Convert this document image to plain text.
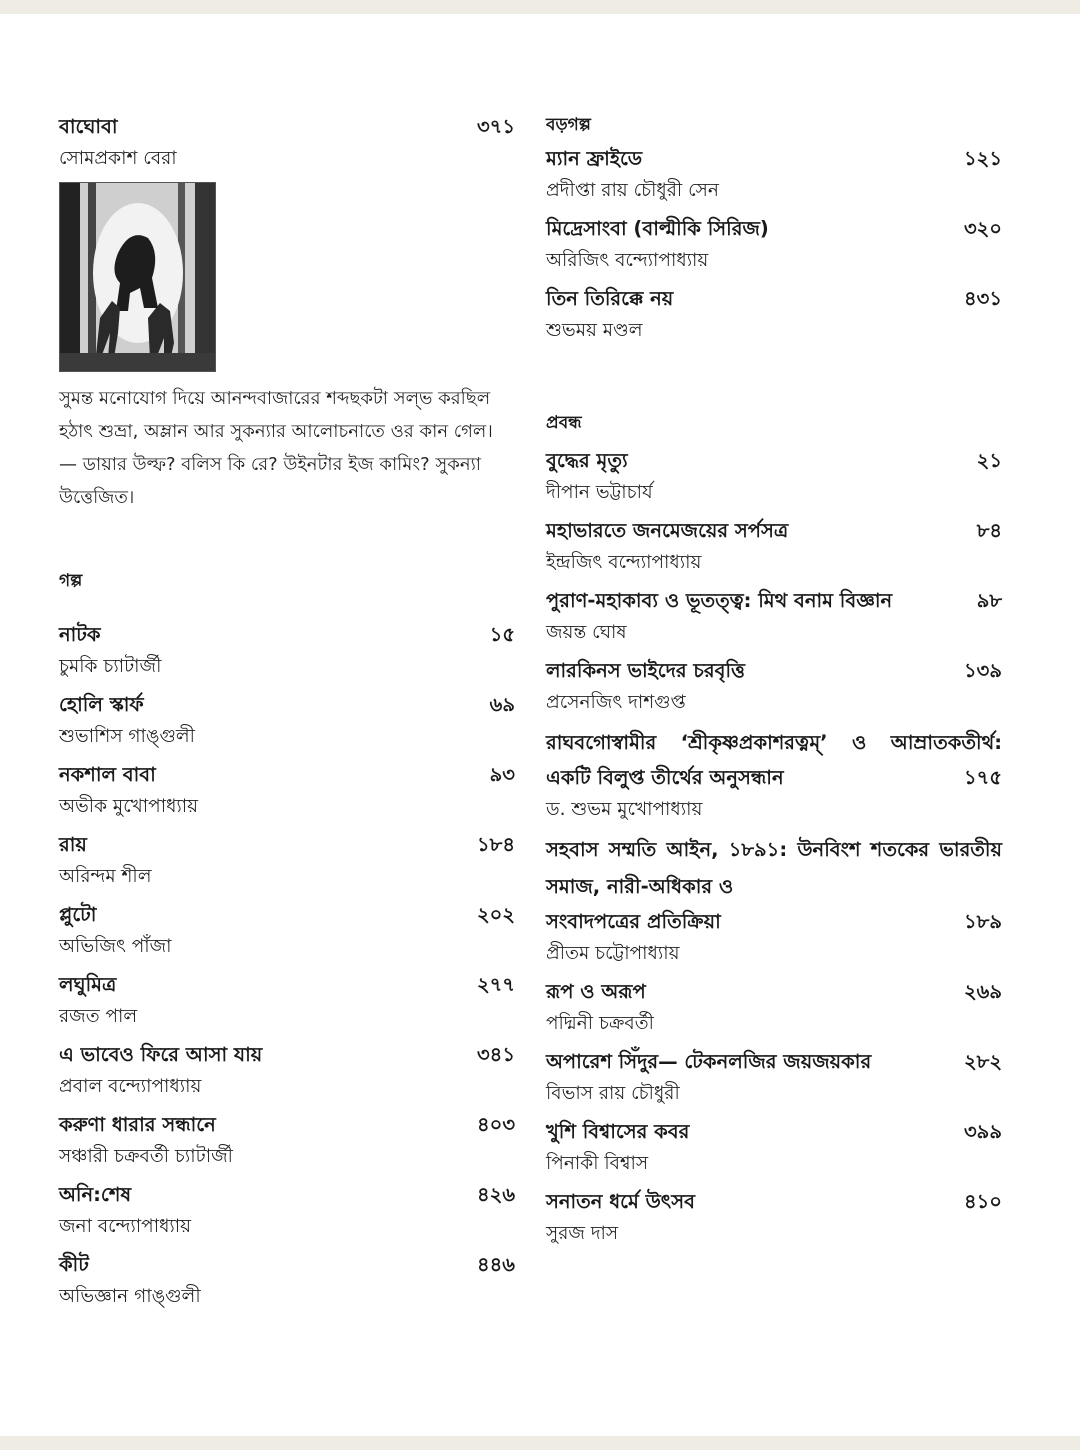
বাঘোবা	৩৭১
সোমপ্রকাশ বেরা

সুমন্ত মনোযোগ দিয়ে আনন্দবাজারের শব্দছকটা সল্ভ করছিল হঠাৎ শুভ্রা, অম্লান আর সুকন্যার আলোচনাতে ওর কান গেল। — ডায়ার উল্ফ? বলিস কি রে? উইনটার ইজ কামিং? সুকন্যা উত্তেজিত।

গল্প
নাটক	১৫
চুমকি চ্যাটার্জী
হোলি স্কার্ফ	৬৯
শুভাশিস গাঙ্গুলী
নকশাল বাবা	৯৩
অভীক মুখোপাধ্যায়
রায়	১৮৪
অরিন্দম শীল
প্লুটো	২০২
অভিজিৎ পাঁজা
লঘুমিত্র	২৭৭
রজত পাল
এ ভাবেও ফিরে আসা যায়	৩৪১
প্রবাল বন্দ্যোপাধ্যায়
করুণা ধারার সন্ধানে	৪০৩
সঞ্চারী চক্রবর্তী চ্যাটার্জী
অনি:শেষ	৪২৬
জনা বন্দ্যোপাধ্যায়
কীট	৪৪৬
অভিজ্ঞান গাঙ্গুলী
বড়গল্প
ম্যান ফ্রাইডে	১২১
প্রদীপ্তা রায় চৌধুরী সেন
মিদ্রেসাংবা (বাল্মীকি সিরিজ)	৩২০
অরিজিৎ বন্দ্যোপাধ্যায়
তিন তিরিক্কে নয়	৪৩১
শুভময় মণ্ডল
প্রবন্ধ
বুদ্ধের মৃত্যু	২১
দীপান ভট্টাচার্য
মহাভারতে জনমেজয়ের সর্পসত্র	৮৪
ইন্দ্রজিৎ বন্দ্যোপাধ্যায়
পুরাণ-মহাকাব্য ও ভূতত্ত্ব: মিথ বনাম বিজ্ঞান	৯৮
জয়ন্ত ঘোষ
লারকিনস ভাইদের চরবৃত্তি	১৩৯
প্রসেনজিৎ দাশগুপ্ত
রাঘবগোস্বামীর ‘শ্রীকৃষ্ণপ্রকাশরত্নম্’ ও আম্রাতকতীর্থ:
একটি বিলুপ্ত তীর্থের অনুসন্ধান	১৭৫
ড. শুভম মুখোপাধ্যায়
সহবাস সম্মতি আইন, ১৮৯১: উনবিংশ শতকের ভারতীয়
সমাজ, নারী-অধিকার ও
সংবাদপত্রের প্রতিক্রিয়া	১৮৯
প্রীতম চট্টোপাধ্যায়
রূপ ও অরূপ	২৬৯
পদ্মিনী চক্রবর্তী
অপারেশ সিঁদুর— টেকনলজির জয়জয়কার	২৮২
বিভাস রায় চৌধুরী
খুশি বিশ্বাসের কবর	৩৯৯
পিনাকী বিশ্বাস
সনাতন ধর্মে উৎসব	৪১০
সুরজ দাস
